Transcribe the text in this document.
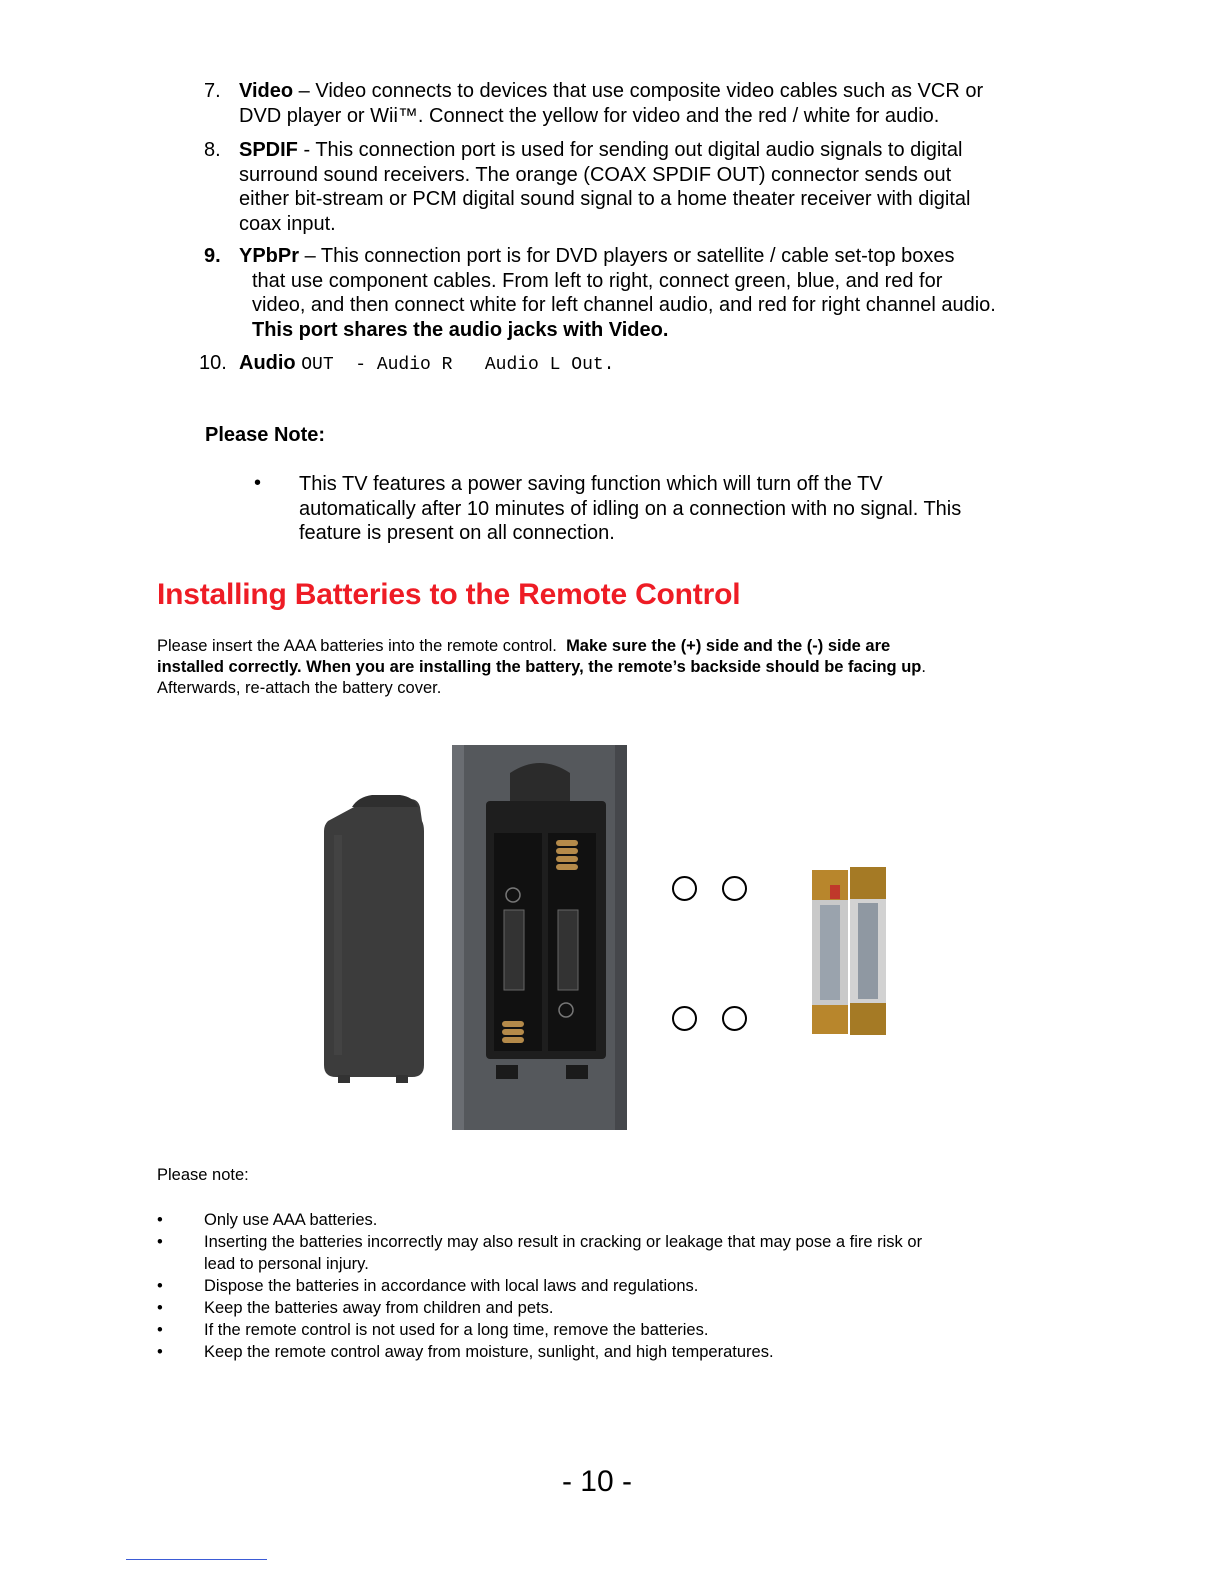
7. Video – Video connects to devices that use composite video cables such as VCR or
DVD player or Wii™. Connect the yellow for video and the red / white for audio.
8. SPDIF - This connection port is used for sending out digital audio signals to digital
surround sound receivers. The orange (COAX SPDIF OUT) connector sends out
either bit-stream or PCM digital sound signal to a home theater receiver with digital
coax input.
9. YPbPr – This connection port is for DVD players or satellite / cable set-top boxes
that use component cables. From left to right, connect green, blue, and red for
video, and then connect white for left channel audio, and red for right channel audio.
This port shares the audio jacks with Video.
10. Audio OUT  - Audio R   Audio L Out.
Please Note:
• This TV features a power saving function which will turn off the TV
automatically after 10 minutes of idling on a connection with no signal. This
feature is present on all connection.
Installing Batteries to the Remote Control
Please insert the AAA batteries into the remote control.  Make sure the (+) side and the (-) side are
installed correctly. When you are installing the battery, the remote’s backside should be facing up.
Afterwards, re-attach the battery cover.
Please note:
• Only use AAA batteries.
• Inserting the batteries incorrectly may also result in cracking or leakage that may pose a fire risk or
lead to personal injury.
• Dispose the batteries in accordance with local laws and regulations.
• Keep the batteries away from children and pets.
• If the remote control is not used for a long time, remove the batteries.
• Keep the remote control away from moisture, sunlight, and high temperatures.
- 10 -
